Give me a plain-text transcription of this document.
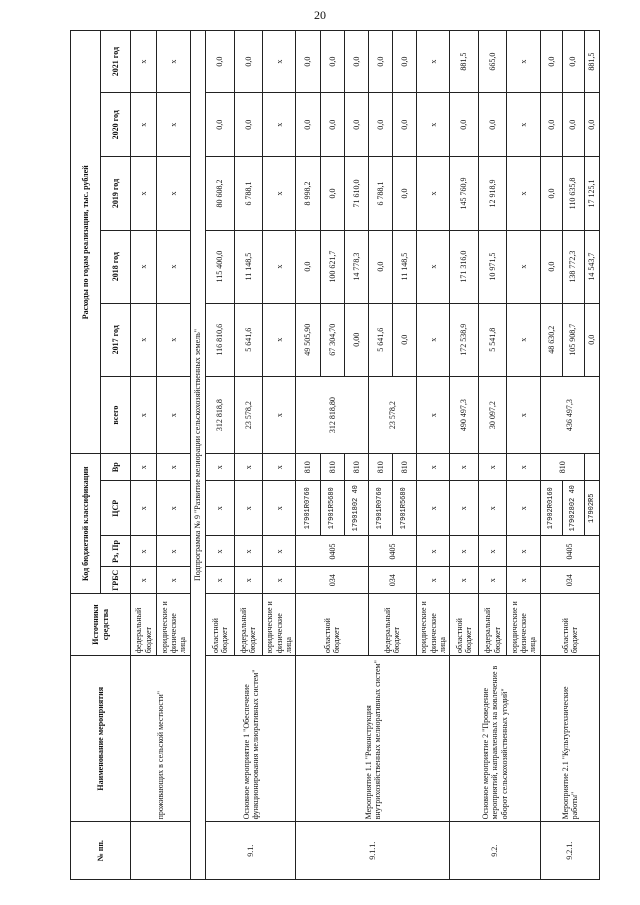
20
№ пп.	Наименование мероприятия	Источники средства	Код бюджетной классификации				Расходы по годам реализации, тыс. рублей					
			ГРБС	Рз, Пр	ЦСР	Вр	всего	2017 год	2018 год	2019 год	2020 год	2021 год
	проживающих в сельской местности"	федеральный бюджет	х	х	х	х	х	х	х	х	х	х
		юридические и физические лица	х	х	х	х	х	х	х	х	х	х
Подпрограмма № 9 "Развитие мелиорации сельскохозяйственных земель"												
9.1.	Основное мероприятие 1 "Обеспечение функционирования мелиоративных систем"	областной бюджет	х	х	х	х	312 818,8	116 810,6	115 400,0	80 608,2	0,0	0,0
		федеральный бюджет	х	х	х	х	23 578,2	5 641,6	11 148,5	6 788,1	0,0	0,0
		юридические и физические лица	х	х	х	х	х	х	х	х	х	х
9.1.1.	Мероприятие 1.1 "Реконструкция внутрихозяйственных мелиоративных систем"	областной бюджет	034	0405	17901R0760	810	312 818,80	49 505,90	0,0	8 998,2	0,0	0,0
					17901R5680	810		67 304,70	100 621,7	0,0	0,0	0,0
					17901802 40	810		0,00	14 778,3	71 610,0	0,0	0,0
		федеральный бюджет	034	0405	17901R0760	810	23 578,2	5 641,6	0,0	6 788,1	0,0	0,0
					17901R5680	810		0,0	11 148,5	0,0	0,0	0,0
		юридические и физические лица	х	х	х	х	х	х	х	х	х	х
9.2.	Основное мероприятие 2 "Проведение мероприятий, направленных на вовлечение в оборот сельскохозяйственных угодий"	областной бюджет	х	х	х	х	490 497,3	172 538,9	171 316,0	145 760,9	0,0	881,5
		федеральный бюджет	х	х	х	х	30 097,2	5 541,8	10 971,5	12 918,9	0,0	665,0
		юридические и физические лица	х	х	х	х	х	х	х	х	х	х
9.2.1.	Мероприятие 2.1 "Культуртехнические работы"	областной бюджет	034	0405	17902R0160	810	436 497,3	48 630,2	0,0	0,0	0,0	0,0
					17902802 40			105 908,7	138 772,3	110 635,8	0,0	0,0
					17902R5			0,0	14 543,7	17 125,1	0,0	881,5
